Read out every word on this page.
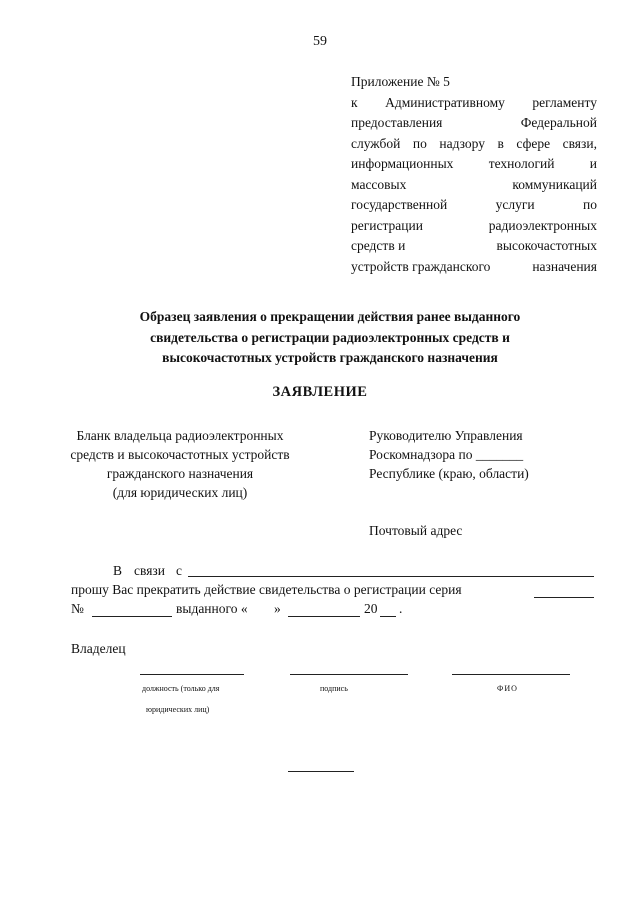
59
Приложение № 5
к Административному регламенту
предоставления	Федеральной
службой по надзору в сфере связи,
информационных	технологий	и
массовых	коммуникаций
государственной	услуги	по
регистрации	радиоэлектронных
средств и	высокочастотных
устройств гражданского	назначения
Образец заявления о прекращении действия ранее выданного
свидетельства о регистрации радиоэлектронных средств и
высокочастотных устройств гражданского назначения
ЗАЯВЛЕНИЕ
Бланк владельца радиоэлектронных
средств и высокочастотных устройств
гражданского назначения
(для юридических лиц)
Руководителю Управления
Роскомнадзора по _______
Республике (краю, области)
Почтовый адрес
В связи с
прошу Вас прекратить действие свидетельства о регистрации серия
№	выданного « »	20 .
Владелец
должность (только для	подпись	ФИО
юридических лиц)
